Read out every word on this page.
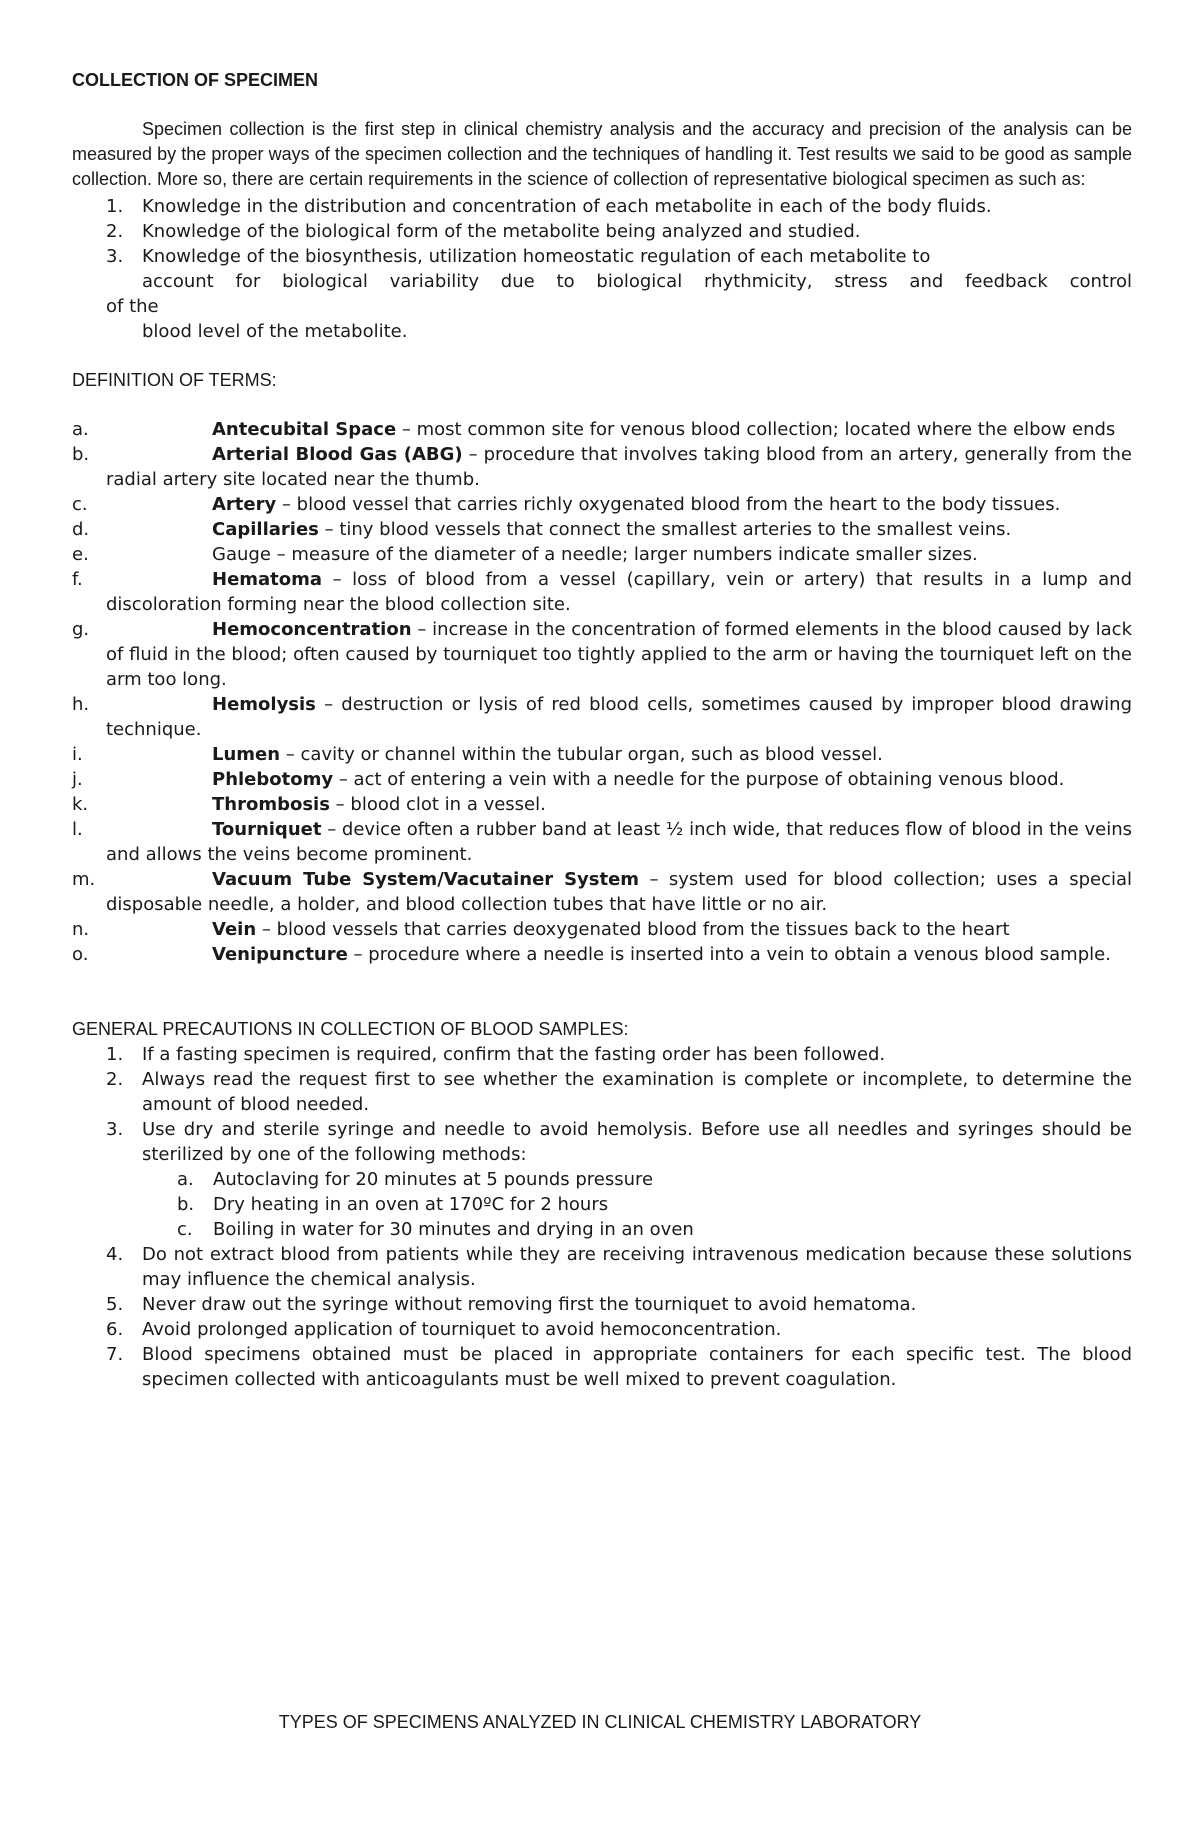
COLLECTION OF SPECIMEN

Specimen collection is the first step in clinical chemistry analysis and the accuracy and precision of the analysis can be measured by the proper ways of the specimen collection and the techniques of handling it. Test results we said to be good as sample collection. More so, there are certain requirements in the science of collection of representative biological specimen as such as:

1. Knowledge in the distribution and concentration of each metabolite in each of the body fluids.
2. Knowledge of the biological form of the metabolite being analyzed and studied.
3. Knowledge of the biosynthesis, utilization homeostatic regulation of each metabolite to
account for biological variability due to biological rhythmicity, stress and feedback control
of the
blood level of the metabolite.

DEFINITION OF TERMS:

a.	Antecubital Space – most common site for venous blood collection; located where the elbow ends
b.	Arterial Blood Gas (ABG) – procedure that involves taking blood from an artery, generally from the radial artery site located near the thumb.
c.	Artery – blood vessel that carries richly oxygenated blood from the heart to the body tissues.
d.	Capillaries – tiny blood vessels that connect the smallest arteries to the smallest veins.
e.	Gauge – measure of the diameter of a needle; larger numbers indicate smaller sizes.
f.	Hematoma – loss of blood from a vessel (capillary, vein or artery) that results in a lump and discoloration forming near the blood collection site.
g.	Hemoconcentration – increase in the concentration of formed elements in the blood caused by lack of fluid in the blood; often caused by tourniquet too tightly applied to the arm or having the tourniquet left on the arm too long.
h.	Hemolysis – destruction or lysis of red blood cells, sometimes caused by improper blood drawing technique.
i.	Lumen – cavity or channel within the tubular organ, such as blood vessel.
j.	Phlebotomy – act of entering a vein with a needle for the purpose of obtaining venous blood.
k.	Thrombosis – blood clot in a vessel.
l.	Tourniquet – device often a rubber band at least ½ inch wide, that reduces flow of blood in the veins and allows the veins become prominent.
m.	Vacuum Tube System/Vacutainer System – system used for blood collection; uses a special disposable needle, a holder, and blood collection tubes that have little or no air.
n.	Vein – blood vessels that carries deoxygenated blood from the tissues back to the heart
o.	Venipuncture – procedure where a needle is inserted into a vein to obtain a venous blood sample.

GENERAL PRECAUTIONS IN COLLECTION OF BLOOD SAMPLES:

1. If a fasting specimen is required, confirm that the fasting order has been followed.
2. Always read the request first to see whether the examination is complete or incomplete, to determine the amount of blood needed.
3. Use dry and sterile syringe and needle to avoid hemolysis. Before use all needles and syringes should be sterilized by one of the following methods:
a. Autoclaving for 20 minutes at 5 pounds pressure
b. Dry heating in an oven at 170ºC for 2 hours
c. Boiling in water for 30 minutes and drying in an oven
4. Do not extract blood from patients while they are receiving intravenous medication because these solutions may influence the chemical analysis.
5. Never draw out the syringe without removing first the tourniquet to avoid hematoma.
6. Avoid prolonged application of tourniquet to avoid hemoconcentration.
7. Blood specimens obtained must be placed in appropriate containers for each specific test. The blood specimen collected with anticoagulants must be well mixed to prevent coagulation.
TYPES OF SPECIMENS ANALYZED IN CLINICAL CHEMISTRY LABORATORY
